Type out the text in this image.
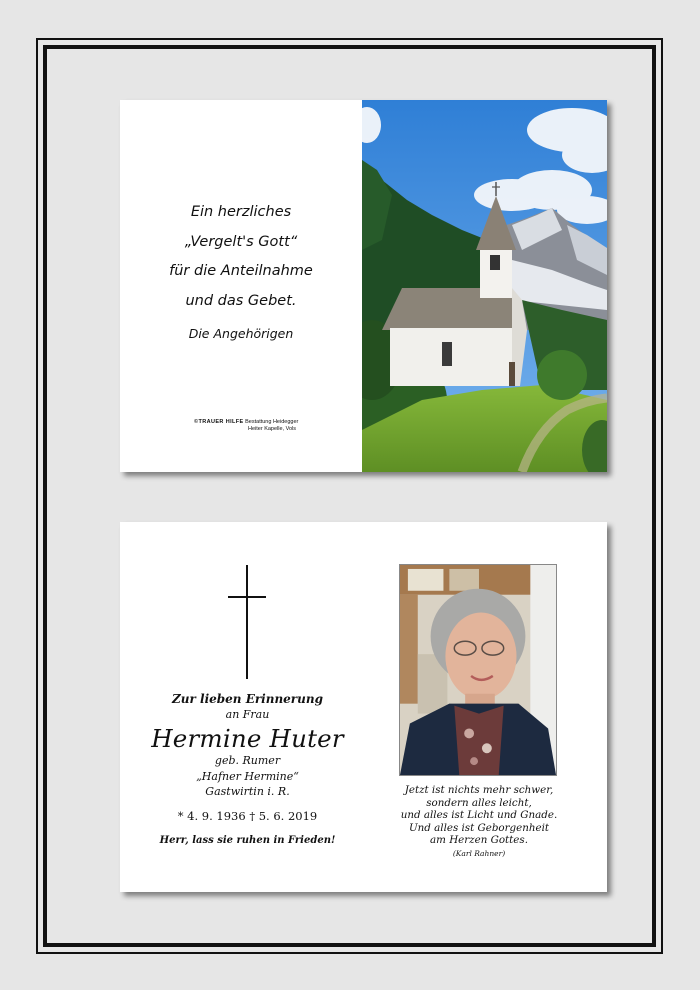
Ein herzliches
„Vergelt's Gott“
für die Anteilnahme
und das Gebet.
Die Angehörigen
©TRAUER HILFE Bestattung Heidegger
Heiter Kapelle, Vols
Zur lieben Erinnerung
an Frau
Hermine Huter
geb. Rumer
„Hafner Hermine“
Gastwirtin i. R.
* 4. 9. 1936 † 5. 6. 2019
Herr, lass sie ruhen in Frieden!
Jetzt ist nichts mehr schwer,
sondern alles leicht,
und alles ist Licht und Gnade.
Und alles ist Geborgenheit
am Herzen Gottes.
(Karl Rahner)
